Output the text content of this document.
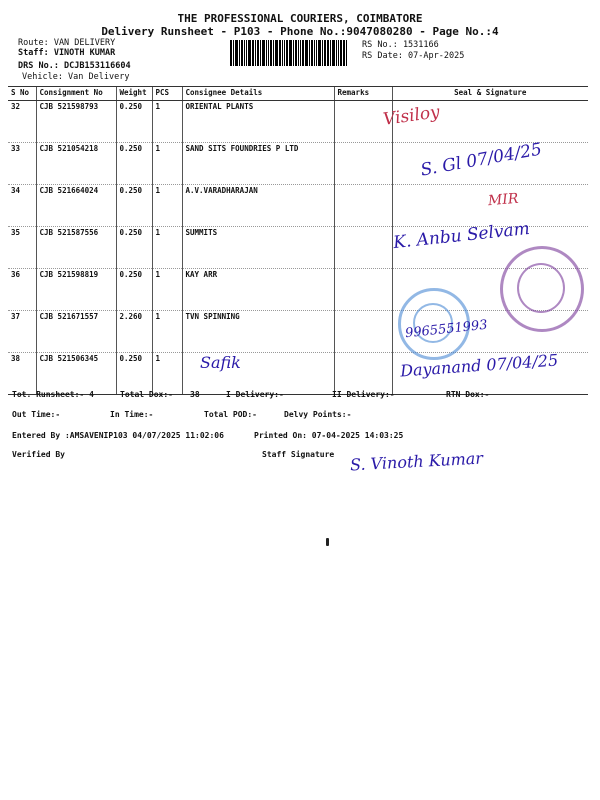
THE PROFESSIONAL COURIERS, COIMBATORE
Delivery Runsheet - P103 - Phone No.:9047080280 - Page No.:4
Route: VAN DELIVERY
Staff: VINOTH KUMAR
DRS No.: DCJB153116604
Vehicle: Van Delivery
RS No.: 1531166
RS Date: 07-Apr-2025
S No	Consignment No	Weight	PCS	Consignee Details	Remarks	Seal & Signature
32	CJB 521598793	0.250	1	ORIENTAL PLANTS		
33	CJB 521054218	0.250	1	SAND SITS FOUNDRIES P LTD		
34	CJB 521664024	0.250	1	A.V.VARADHARAJAN		
35	CJB 521587556	0.250	1	SUMMITS		
36	CJB 521598819	0.250	1	KAY ARR		
37	CJB 521671557	2.260	1	TVN SPINNING		
38	CJB 521506345	0.250	1			
Visiloy
S. Gl 07/04/25
MIR
K. Anbu Selvam
9965551993
Dayanand 07/04/25
Safik
Tot. Runsheet:- 4	Total Dox:- 38	I Delivery:-	II Delivery:-	RTN Dox:-
Out Time:-	In Time:-	Total POD:-	Delvy Points:-
Entered By :AMSAVENIP103 04/07/2025 11:02:06	Printed On: 07-04-2025 14:03:25
Verified By	Staff Signature S. Vinoth Kumar
